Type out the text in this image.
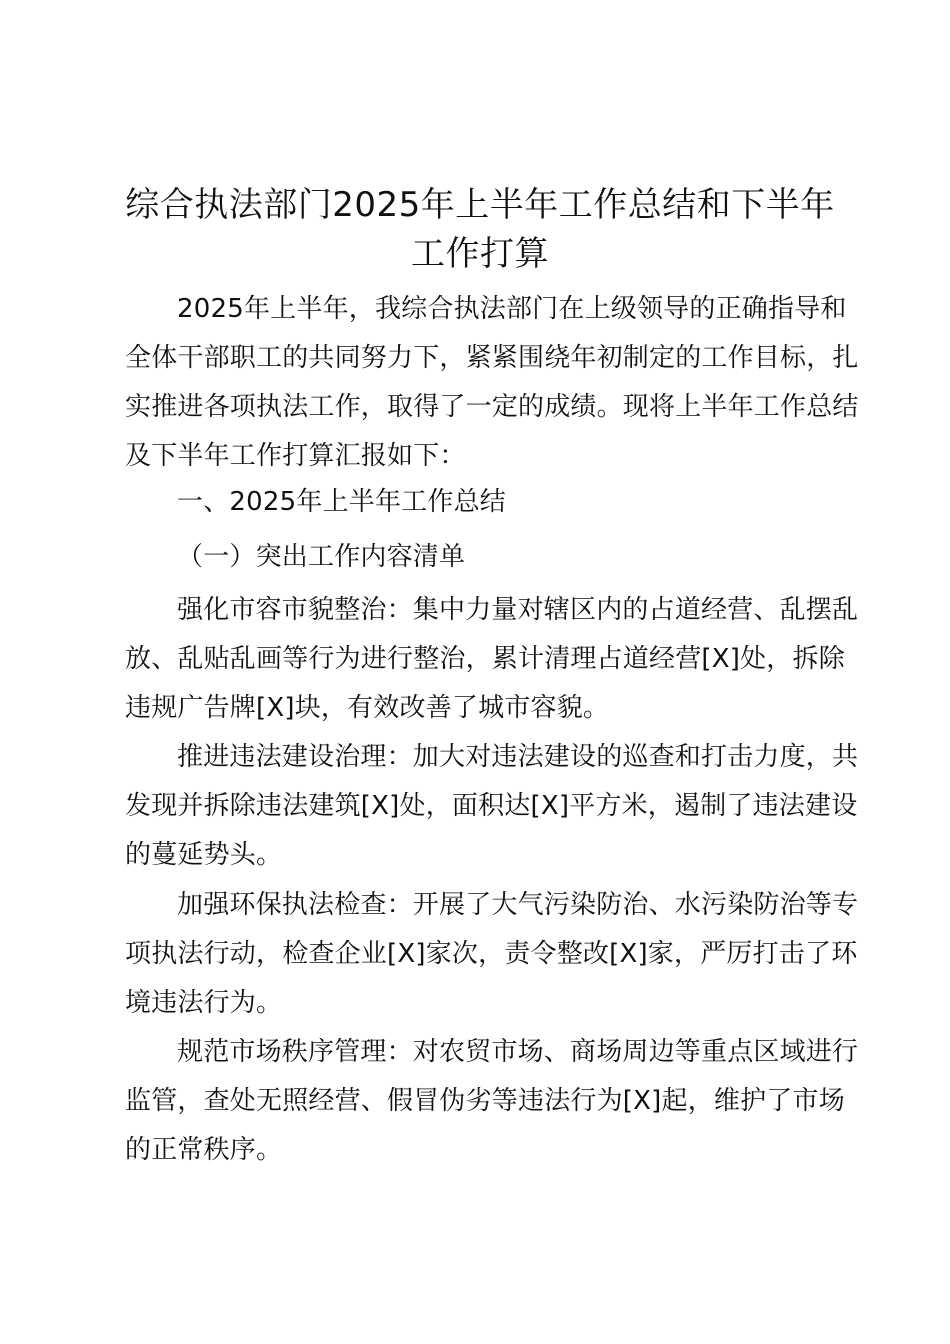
综合执法部门2025年上半年工作总结和下半年工作打算

2025年上半年，我综合执法部门在上级领导的正确指导和全体干部职工的共同努力下，紧紧围绕年初制定的工作目标，扎实推进各项执法工作，取得了一定的成绩。现将上半年工作总结及下半年工作打算汇报如下：

一、2025年上半年工作总结

（一）突出工作内容清单

强化市容市貌整治：集中力量对辖区内的占道经营、乱摆乱放、乱贴乱画等行为进行整治，累计清理占道经营[X]处，拆除违规广告牌[X]块，有效改善了城市容貌。

推进违法建设治理：加大对违法建设的巡查和打击力度，共发现并拆除违法建筑[X]处，面积达[X]平方米，遏制了违法建设的蔓延势头。

加强环保执法检查：开展了大气污染防治、水污染防治等专项执法行动，检查企业[X]家次，责令整改[X]家，严厉打击了环境违法行为。

规范市场秩序管理：对农贸市场、商场周边等重点区域进行监管，查处无照经营、假冒伪劣等违法行为[X]起，维护了市场的正常秩序。
